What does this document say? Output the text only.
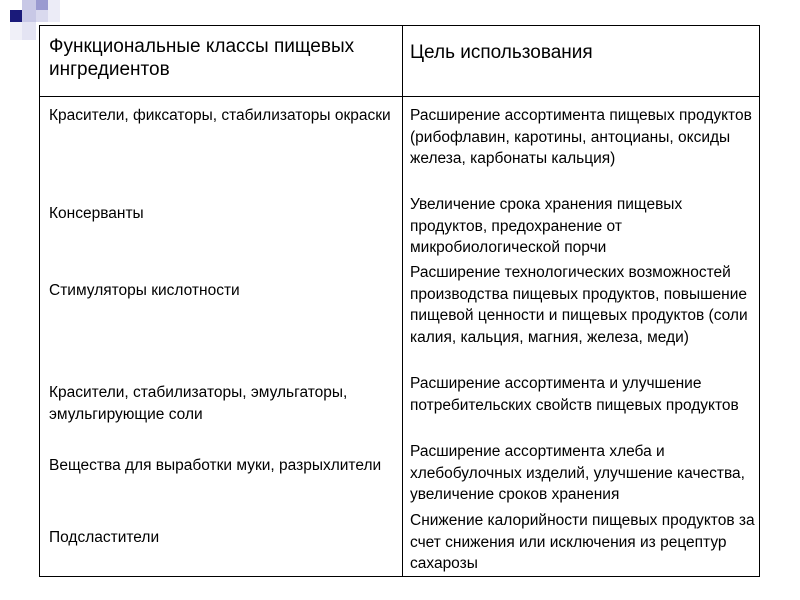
Функциональные классы пищевых ингредиентов
Цель использования
Красители, фиксаторы, стабилизаторы окраски	Расширение ассортимента пищевых продуктов (рибофлавин, каротины, антоцианы, оксиды железа, карбонаты кальция)
Консерванты
Увеличение срока хранения пищевых продуктов, предохранение от микробиологической порчи
Стимуляторы кислотности
Расширение технологических возможностей производства пищевых продуктов, повышение пищевой ценности и пищевых продуктов (соли калия, кальция, магния, железа, меди)
Красители, стабилизаторы, эмульгаторы, эмульгирующие соли
Расширение ассортимента и улучшение потребительских свойств пищевых продуктов
Вещества для выработки муки, разрыхлители
Расширение ассортимента хлеба и хлебобулочных изделий, улучшение качества, увеличение сроков хранения
Подсластители
Снижение калорийности пищевых продуктов за счет снижения или исключения из рецептур сахарозы
